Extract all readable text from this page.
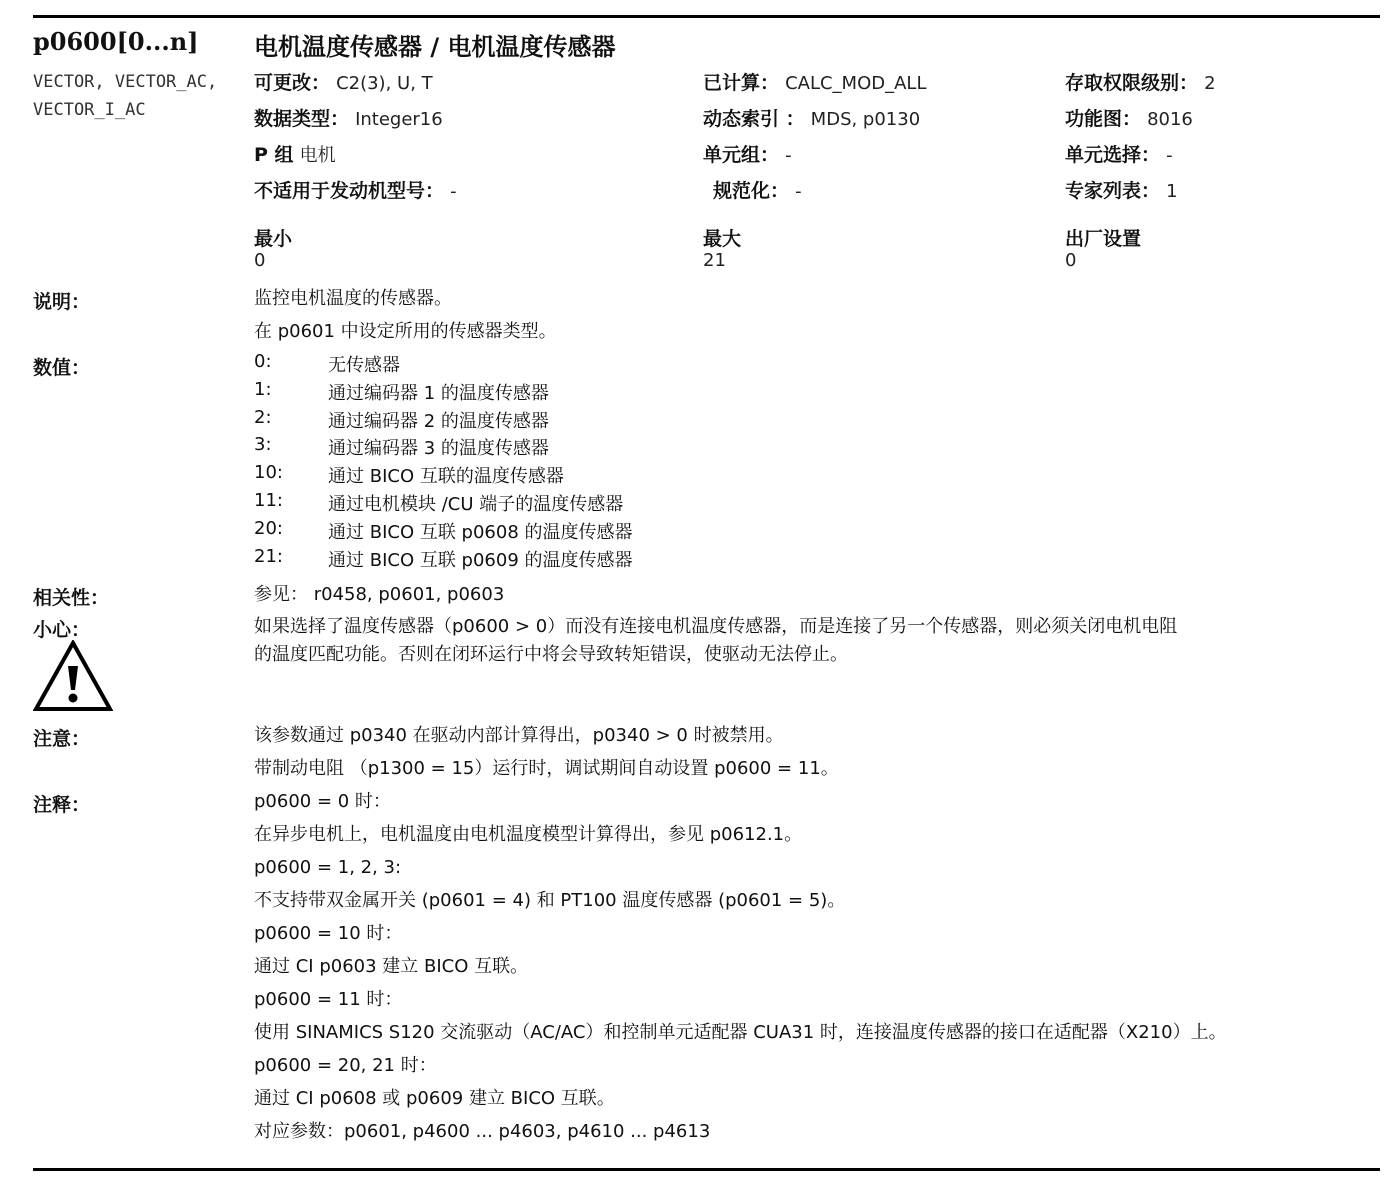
p0600[0...n] 电机温度传感器 / 电机温度传感器
VECTOR, VECTOR_AC,
VECTOR_I_AC
可更改： C2(3), U, T	已计算： CALC_MOD_ALL	存取权限级别： 2
数据类型： Integer16	动态索引 ： MDS, p0130	功能图： 8016
P 组 电机	单元组： -	单元选择： -
不适用于发动机型号： -	规范化： -	专家列表： 1
最小
0
最大
21
出厂设置
0
说明：	监控电机温度的传感器。
在 p0601 中设定所用的传感器类型。
数值：	0:	无传感器
1:	通过编码器 1 的温度传感器
2:	通过编码器 2 的温度传感器
3:	通过编码器 3 的温度传感器
10:	通过 BICO 互联的温度传感器
11:	通过电机模块 /CU 端子的温度传感器
20:	通过 BICO 互联 p0608 的温度传感器
21:	通过 BICO 互联 p0609 的温度传感器
相关性：	参见： r0458, p0601, p0603
小心：	如果选择了温度传感器（p0600 > 0）而没有连接电机温度传感器，而是连接了另一个传感器，则必须关闭电机电阻
的温度匹配功能。否则在闭环运行中将会导致转矩错误，使驱动无法停止。
注意：	该参数通过 p0340 在驱动内部计算得出，p0340 > 0 时被禁用。
带制动电阻 （p1300 = 15）运行时，调试期间自动设置 p0600 = 11。
注释：	p0600 = 0 时：
在异步电机上，电机温度由电机温度模型计算得出，参见 p0612.1。
p0600 = 1, 2, 3:
不支持带双金属开关 (p0601 = 4) 和 PT100 温度传感器 (p0601 = 5)。
p0600 = 10 时：
通过 CI p0603 建立 BICO 互联。
p0600 = 11 时：
使用 SINAMICS S120 交流驱动（AC/AC）和控制单元适配器 CUA31 时，连接温度传感器的接口在适配器（X210）上。
p0600 = 20, 21 时：
通过 CI p0608 或 p0609 建立 BICO 互联。
对应参数：p0601, p4600 ... p4603, p4610 ... p4613
